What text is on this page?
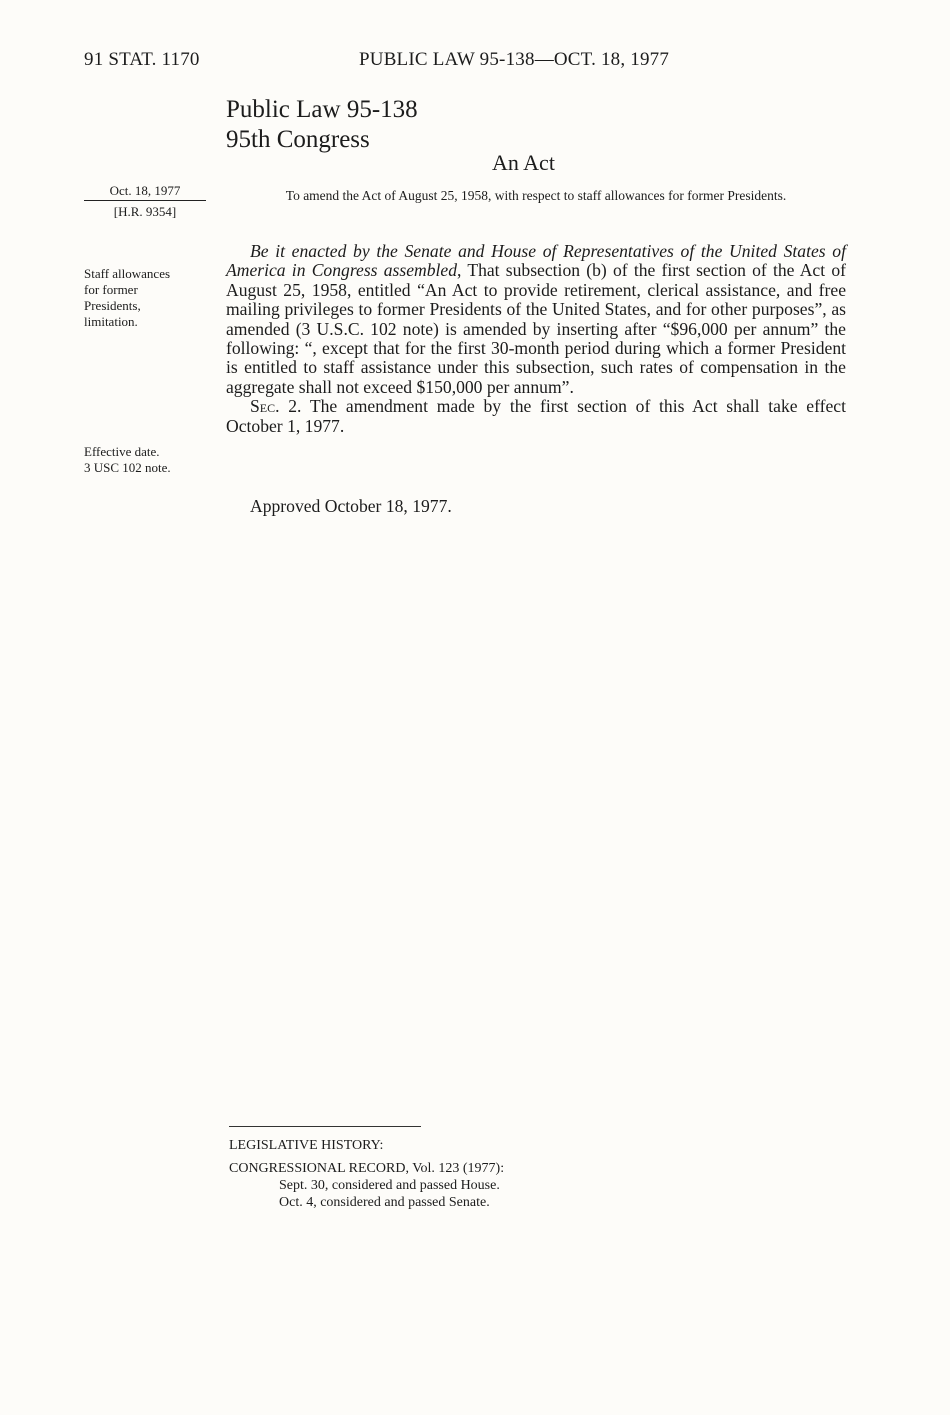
91 STAT. 1170	PUBLIC LAW 95-138—OCT. 18, 1977
Public Law 95-138
95th Congress
An Act
Oct. 18, 1977
[H.R. 9354]
To amend the Act of August 25, 1958, with respect to staff allowances for former Presidents.
Staff allowances
for former
Presidents,
limitation.
Effective date.
3 USC 102 note.

Be it enacted by the Senate and House of Representatives of the United States of America in Congress assembled, That subsection (b) of the first section of the Act of August 25, 1958, entitled “An Act to provide retirement, clerical assistance, and free mailing privileges to former Presidents of the United States, and for other purposes”, as amended (3 U.S.C. 102 note) is amended by inserting after “$96,000 per annum” the following: “, except that for the first 30-month period during which a former President is entitled to staff assistance under this subsection, such rates of compensation in the aggregate shall not exceed $150,000 per annum”.

Sec. 2. The amendment made by the first section of this Act shall take effect October 1, 1977.

Approved October 18, 1977.
LEGISLATIVE HISTORY:
CONGRESSIONAL RECORD, Vol. 123 (1977):
Sept. 30, considered and passed House.
Oct. 4, considered and passed Senate.
